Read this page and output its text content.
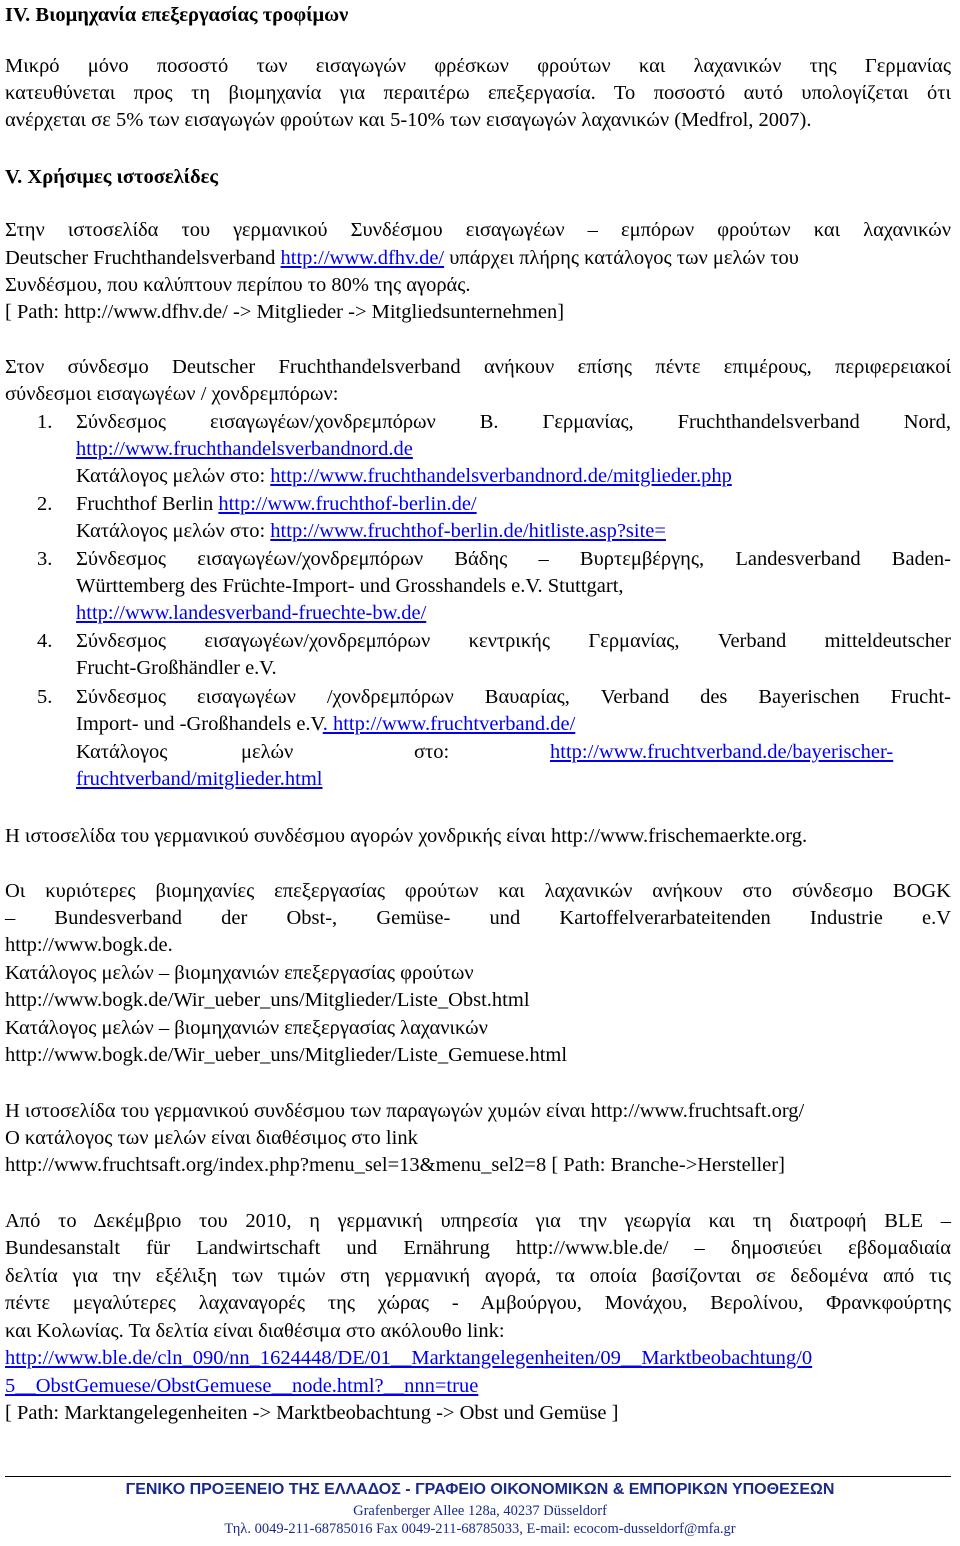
IV. Βιομηχανία επεξεργασίας τροφίμων
Μικρό μόνο ποσοστό των εισαγωγών φρέσκων φρούτων και λαχανικών της Γερμανίας
κατευθύνεται προς τη βιομηχανία για περαιτέρω επεξεργασία. Το ποσοστό αυτό υπολογίζεται ότι
ανέρχεται σε 5% των εισαγωγών φρούτων και 5-10% των εισαγωγών λαχανικών (Medfrol, 2007).
V. Χρήσιμες ιστοσελίδες
Στην ιστοσελίδα του γερμανικού Συνδέσμου εισαγωγέων – εμπόρων φρούτων και λαχανικών
Deutscher Fruchthandelsverband http://www.dfhv.de/ υπάρχει πλήρης κατάλογος των μελών του
Συνδέσμου, που καλύπτουν περίπου το 80% της αγοράς.
[ Path: http://www.dfhv.de/ -> Mitglieder -> Mitgliedsunternehmen]
Στον σύνδεσμο Deutscher Fruchthandelsverband ανήκουν επίσης πέντε επιμέρους, περιφερειακοί
σύνδεσμοι εισαγωγέων / χονδρεμπόρων:
1. Σύνδεσμος εισαγωγέων/χονδρεμπόρων Β. Γερμανίας, Fruchthandelsverband Nord,
http://www.fruchthandelsverbandnord.de
Κατάλογος μελών στο: http://www.fruchthandelsverbandnord.de/mitglieder.php
2. Fruchthof Berlin http://www.fruchthof-berlin.de/
Κατάλογος μελών στο: http://www.fruchthof-berlin.de/hitliste.asp?site=
3. Σύνδεσμος εισαγωγέων/χονδρεμπόρων Βάδης – Βυρτεμβέργης, Landesverband Baden-
Württemberg des Früchte-Import- und Grosshandels e.V. Stuttgart,
http://www.landesverband-fruechte-bw.de/
4. Σύνδεσμος εισαγωγέων/χονδρεμπόρων κεντρικής Γερμανίας, Verband mitteldeutscher
Frucht-Großhändler e.V.
5. Σύνδεσμος εισαγωγέων /χονδρεμπόρων Βαυαρίας, Verband des Bayerischen Frucht-
Import- und -Großhandels e.V. http://www.fruchtverband.de/
Κατάλογος	μελών	στο:	http://www.fruchtverband.de/bayerischer-
fruchtverband/mitglieder.html
Η ιστοσελίδα του γερμανικού συνδέσμου αγορών χονδρικής είναι http://www.frischemaerkte.org.
Οι κυριότερες βιομηχανίες επεξεργασίας φρούτων και λαχανικών ανήκουν στο σύνδεσμο BOGK
– Bundesverband der Obst-, Gemüse- und Kartoffelverarbateitenden Industrie e.V
http://www.bogk.de.
Κατάλογος μελών – βιομηχανιών επεξεργασίας φρούτων
http://www.bogk.de/Wir_ueber_uns/Mitglieder/Liste_Obst.html
Κατάλογος μελών – βιομηχανιών επεξεργασίας λαχανικών
http://www.bogk.de/Wir_ueber_uns/Mitglieder/Liste_Gemuese.html
Η ιστοσελίδα του γερμανικού συνδέσμου των παραγωγών χυμών είναι http://www.fruchtsaft.org/
Ο κατάλογος των μελών είναι διαθέσιμος στο link
http://www.fruchtsaft.org/index.php?menu_sel=13&menu_sel2=8 [ Path: Branche->Hersteller]
Από το Δεκέμβριο του 2010, η γερμανική υπηρεσία για την γεωργία και τη διατροφή BLE –
Bundesanstalt für Landwirtschaft und Ernährung http://www.ble.de/ – δημοσιεύει εβδομαδιαία
δελτία για την εξέλιξη των τιμών στη γερμανική αγορά, τα οποία βασίζονται σε δεδομένα από τις
πέντε μεγαλύτερες λαχαναγορές της χώρας - Αμβούργου, Μονάχου, Βερολίνου, Φρανκφούρτης
και Κολωνίας. Τα δελτία είναι διαθέσιμα στο ακόλουθο link:
http://www.ble.de/cln_090/nn_1624448/DE/01__Marktangelegenheiten/09__Marktbeobachtung/0
5__ObstGemuese/ObstGemuese__node.html?__nnn=true
[ Path: Marktangelegenheiten -> Marktbeobachtung -> Obst und Gemüse ]
ΓΕΝΙΚΟ ΠΡΟΞΕΝΕΙΟ ΤΗΣ ΕΛΛΑΔΟΣ - ΓΡΑΦΕΙΟ ΟΙΚΟΝΟΜΙΚΩΝ & ΕΜΠΟΡΙΚΩΝ ΥΠΟΘΕΣΕΩΝ
Grafenberger Allee 128a, 40237 Düsseldorf
Τηλ. 0049-211-68785016 Fax 0049-211-68785033, E-mail: ecocom-dusseldorf@mfa.gr
